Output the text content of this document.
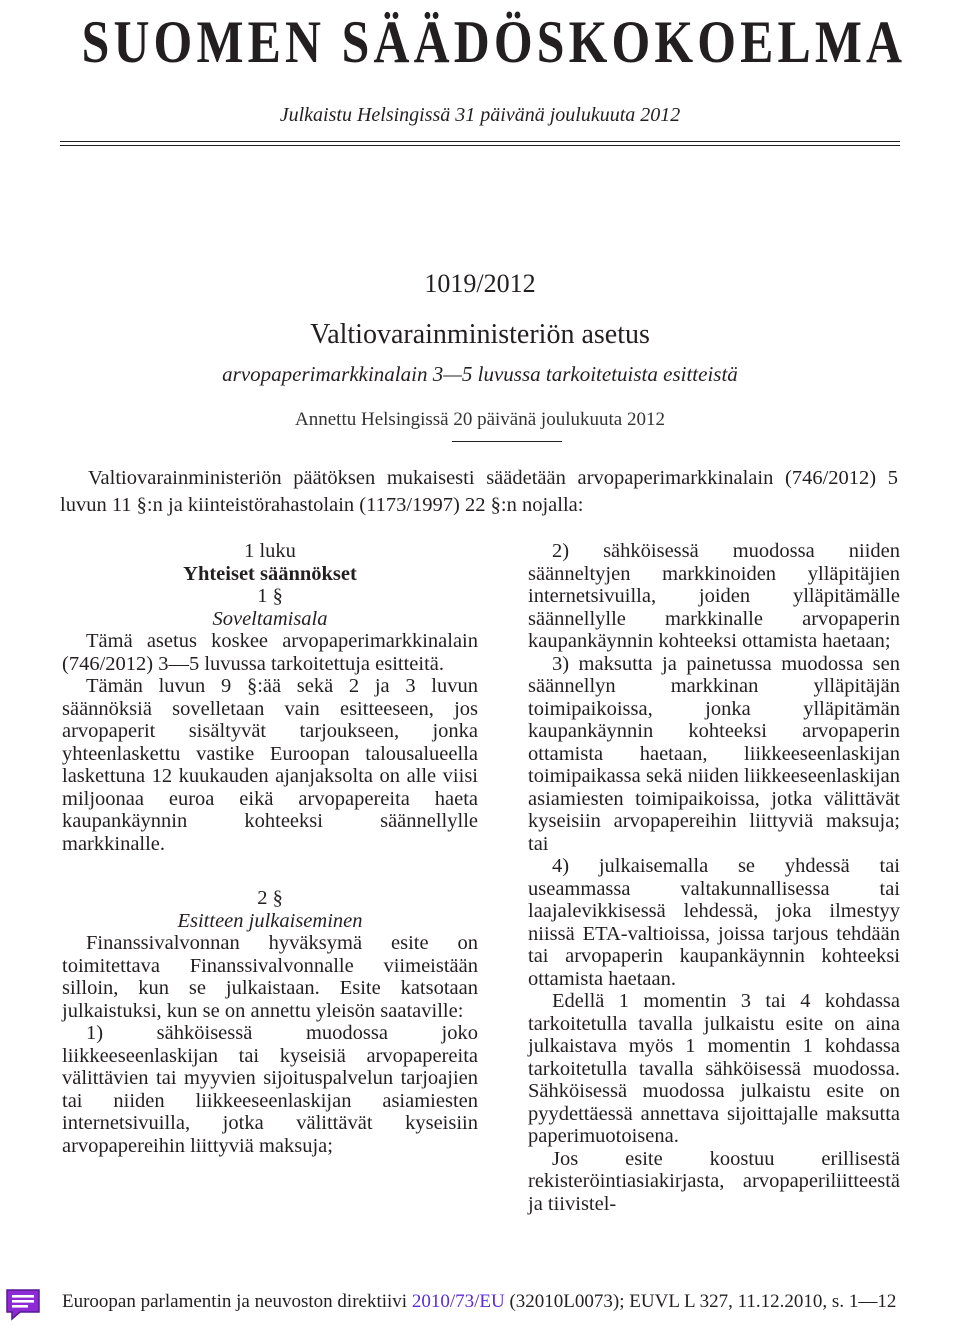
SUOMEN SÄÄDÖSKOKOELMA
Julkaistu Helsingissä 31 päivänä joulukuuta 2012
1019/2012
Valtiovarainministeriön asetus
arvopaperimarkkinalain 3—5 luvussa tarkoitetuista esitteistä
Annettu Helsingissä 20 päivänä joulukuuta 2012

Valtiovarainministeriön päätöksen mukaisesti säädetään arvopaperimarkkinalain (746/2012) 5 luvun 11 §:n ja kiinteistörahastolain (1173/1997) 22 §:n nojalla:

1 luku

Yhteiset säännökset

1 §

Soveltamisala

Tämä asetus koskee arvopaperimarkkinalain (746/2012) 3—5 luvussa tarkoitettuja esitteitä.

Tämän luvun 9 §:ää sekä 2 ja 3 luvun säännöksiä sovelletaan vain esitteeseen, jos arvopaperit sisältyvät tarjoukseen, jonka yhteenlaskettu vastike Euroopan talousalueella laskettuna 12 kuukauden ajanjaksolta on alle viisi miljoonaa euroa eikä arvopapereita haeta kaupankäynnin kohteeksi säännellylle markkinalle.

2 §

Esitteen julkaiseminen

Finanssivalvonnan hyväksymä esite on toimitettava Finanssivalvonnalle viimeistään silloin, kun se julkaistaan. Esite katsotaan julkaistuksi, kun se on annettu yleisön saataville:

1) sähköisessä muodossa joko liikkeeseenlaskijan tai kyseisiä arvopapereita välittävien tai myyvien sijoituspalvelun tarjoajien tai niiden liikkeeseenlaskijan asiamiesten internetsivuilla, jotka välittävät kyseisiin arvopapereihin liittyviä maksuja;

2) sähköisessä muodossa niiden säänneltyjen markkinoiden ylläpitäjien internetsivuilla, joiden ylläpitämälle säännellylle markkinalle arvopaperin kaupankäynnin kohteeksi ottamista haetaan;

3) maksutta ja painetussa muodossa sen säännellyn markkinan ylläpitäjän toimipaikoissa, jonka ylläpitämän kaupankäynnin kohteeksi arvopaperin ottamista haetaan, liikkeeseenlaskijan toimipaikassa sekä niiden liikkeeseenlaskijan asiamiesten toimipaikoissa, jotka välittävät kyseisiin arvopapereihin liittyviä maksuja; tai

4) julkaisemalla se yhdessä tai useammassa valtakunnallisessa tai laajalevikkisessä lehdessä, joka ilmestyy niissä ETA-valtioissa, joissa tarjous tehdään tai arvopaperin kaupankäynnin kohteeksi ottamista haetaan.

Edellä 1 momentin 3 tai 4 kohdassa tarkoitetulla tavalla julkaistu esite on aina julkaistava myös 1 momentin 1 kohdassa tarkoitetulla tavalla sähköisessä muodossa. Sähköisessä muodossa julkaistu esite on pyydettäessä annettava sijoittajalle maksutta paperimuotoisena.

Jos esite koostuu erillisestä rekisteröintiasiakirjasta, arvopaperiliitteestä ja tiivistel-

Euroopan parlamentin ja neuvoston direktiivi 2010/73/EU (32010L0073); EUVL L 327, 11.12.2010, s. 1—12
